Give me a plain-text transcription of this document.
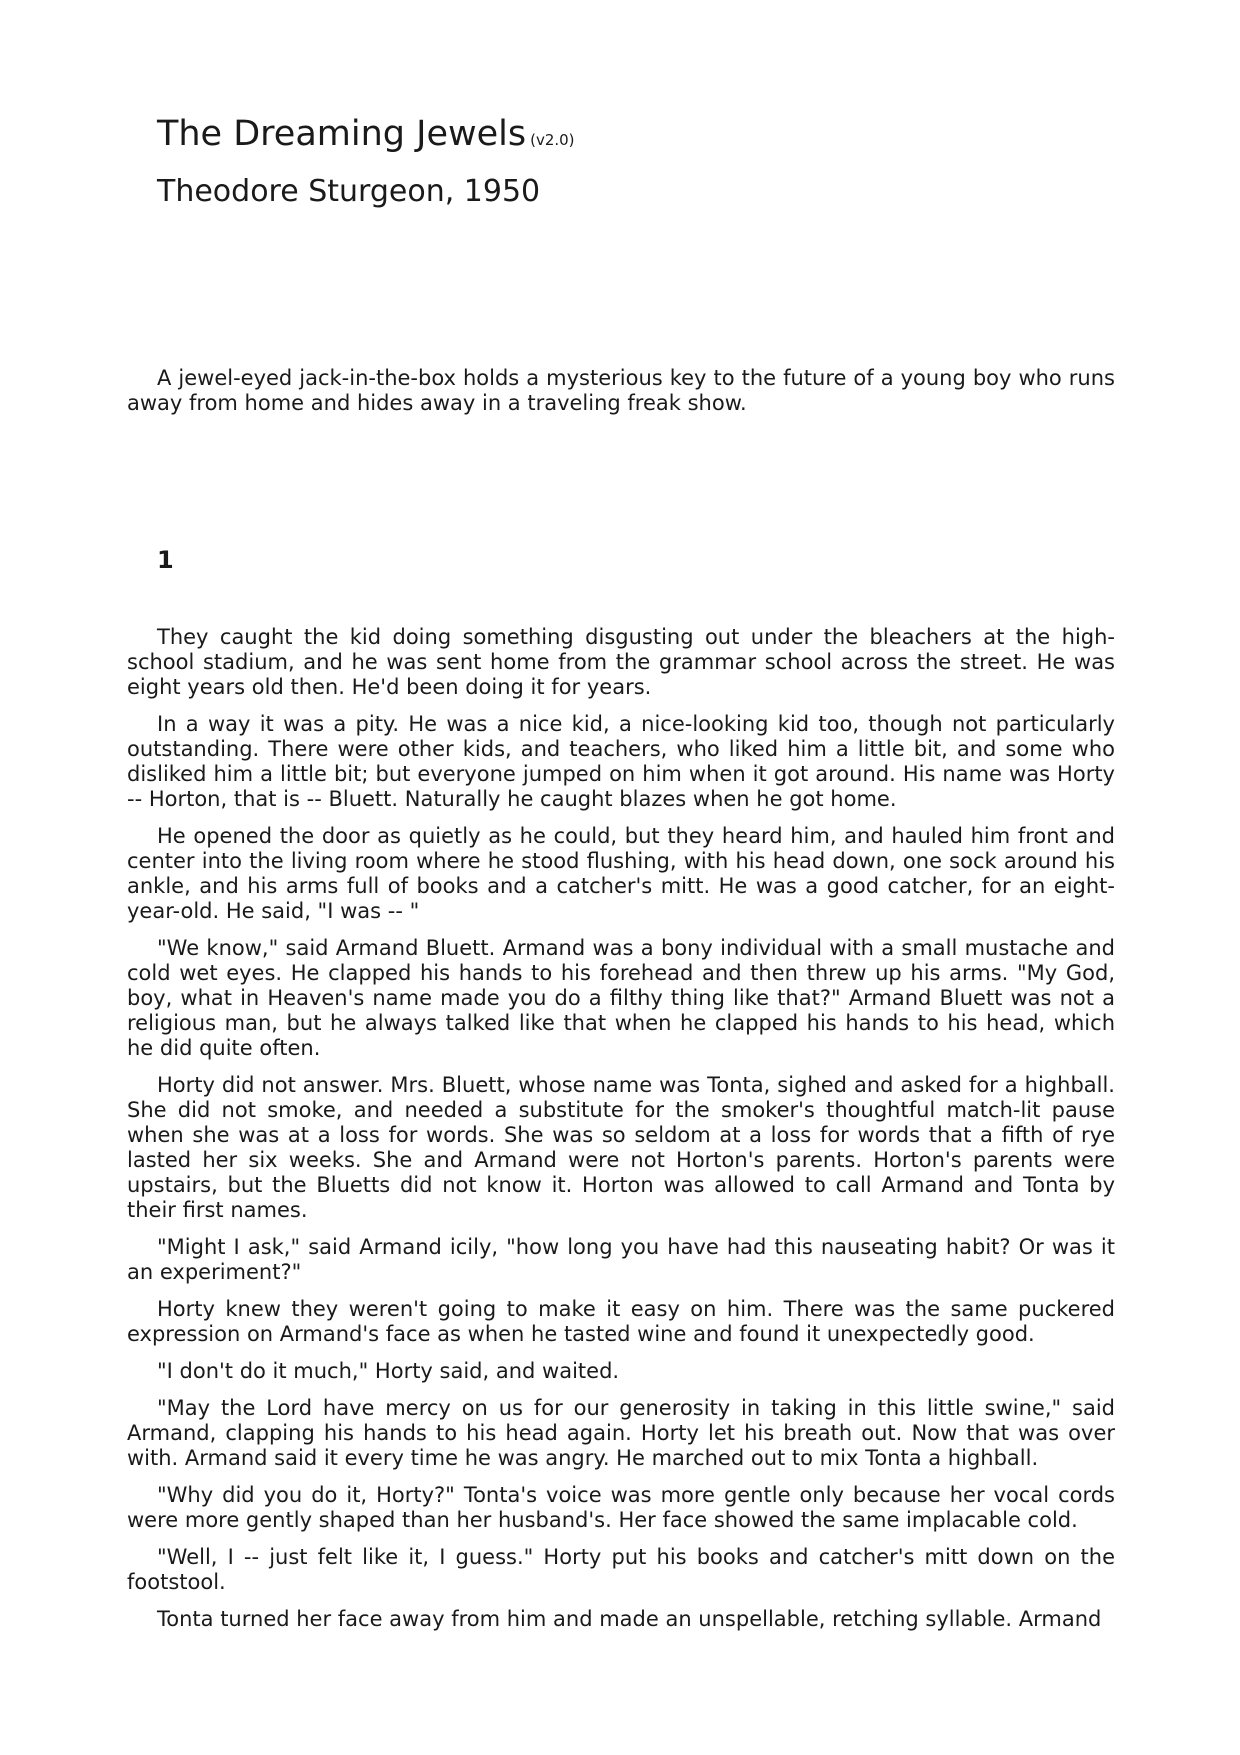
The Dreaming Jewels (v2.0)

Theodore Sturgeon, 1950

A jewel-eyed jack-in-the-box holds a mysterious key to the future of a young boy who runs away from home and hides away in a traveling freak show.

1

They caught the kid doing something disgusting out under the bleachers at the high-school stadium, and he was sent home from the grammar school across the street. He was eight years old then. He'd been doing it for years.

In a way it was a pity. He was a nice kid, a nice-looking kid too, though not particularly outstanding. There were other kids, and teachers, who liked him a little bit, and some who disliked him a little bit; but everyone jumped on him when it got around. His name was Horty -- Horton, that is -- Bluett. Naturally he caught blazes when he got home.

He opened the door as quietly as he could, but they heard him, and hauled him front and center into the living room where he stood flushing, with his head down, one sock around his ankle, and his arms full of books and a catcher's mitt. He was a good catcher, for an eight-year-old. He said, "I was -- "

"We know," said Armand Bluett. Armand was a bony individual with a small mustache and cold wet eyes. He clapped his hands to his forehead and then threw up his arms. "My God, boy, what in Heaven's name made you do a filthy thing like that?" Armand Bluett was not a religious man, but he always talked like that when he clapped his hands to his head, which he did quite often.

Horty did not answer. Mrs. Bluett, whose name was Tonta, sighed and asked for a highball. She did not smoke, and needed a substitute for the smoker's thoughtful match-lit pause when she was at a loss for words. She was so seldom at a loss for words that a fifth of rye lasted her six weeks. She and Armand were not Horton's parents. Horton's parents were upstairs, but the Bluetts did not know it. Horton was allowed to call Armand and Tonta by their first names.

"Might I ask," said Armand icily, "how long you have had this nauseating habit? Or was it an experiment?"

Horty knew they weren't going to make it easy on him. There was the same puckered expression on Armand's face as when he tasted wine and found it unexpectedly good.

"I don't do it much," Horty said, and waited.

"May the Lord have mercy on us for our generosity in taking in this little swine," said Armand, clapping his hands to his head again. Horty let his breath out. Now that was over with. Armand said it every time he was angry. He marched out to mix Tonta a highball.

"Why did you do it, Horty?" Tonta's voice was more gentle only because her vocal cords were more gently shaped than her husband's. Her face showed the same implacable cold.

"Well, I -- just felt like it, I guess." Horty put his books and catcher's mitt down on the footstool.

Tonta turned her face away from him and made an unspellable, retching syllable. Armand
